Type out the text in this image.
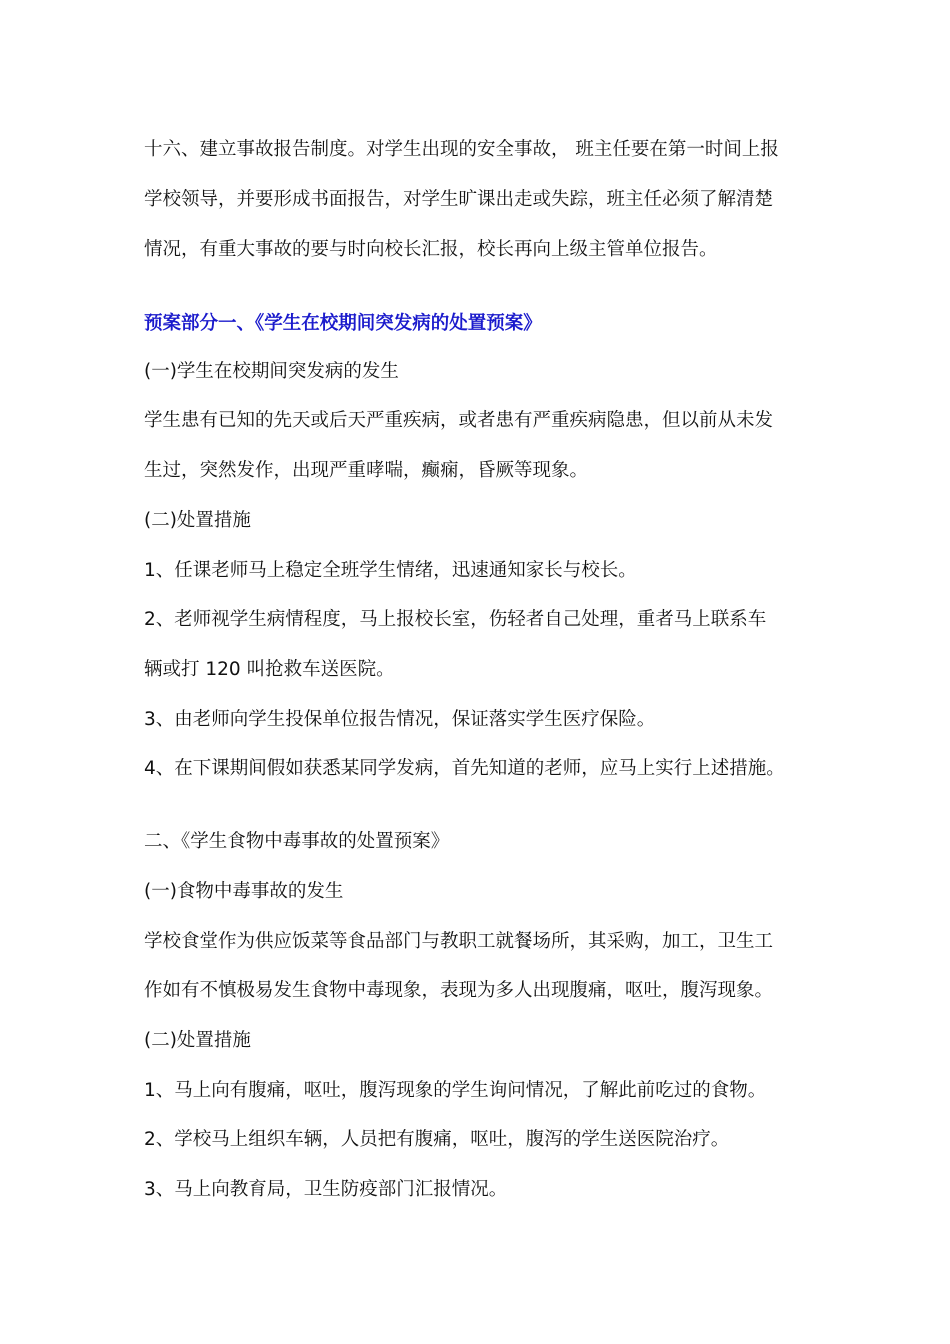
十六、建立事故报告制度。对学生出现的安全事故， 班主任要在第一时间上报
学校领导，并要形成书面报告，对学生旷课出走或失踪，班主任必须了解清楚
情况，有重大事故的要与时向校长汇报，校长再向上级主管单位报告。
预案部分一、《学生在校期间突发病的处置预案》
(一)学生在校期间突发病的发生
学生患有已知的先天或后天严重疾病，或者患有严重疾病隐患，但以前从未发
生过，突然发作，出现严重哮喘，癫痫，昏厥等现象。
(二)处置措施
1、任课老师马上稳定全班学生情绪，迅速通知家长与校长。
2、老师视学生病情程度，马上报校长室，伤轻者自己处理，重者马上联系车
辆或打 120 叫抢救车送医院。
3、由老师向学生投保单位报告情况，保证落实学生医疗保险。
4、在下课期间假如获悉某同学发病，首先知道的老师，应马上实行上述措施。
二、《学生食物中毒事故的处置预案》
(一)食物中毒事故的发生
学校食堂作为供应饭菜等食品部门与教职工就餐场所，其采购，加工，卫生工
作如有不慎极易发生食物中毒现象，表现为多人出现腹痛，呕吐，腹泻现象。
(二)处置措施
1、马上向有腹痛，呕吐，腹泻现象的学生询问情况，了解此前吃过的食物。
2、学校马上组织车辆，人员把有腹痛，呕吐，腹泻的学生送医院治疗。
3、马上向教育局，卫生防疫部门汇报情况。
